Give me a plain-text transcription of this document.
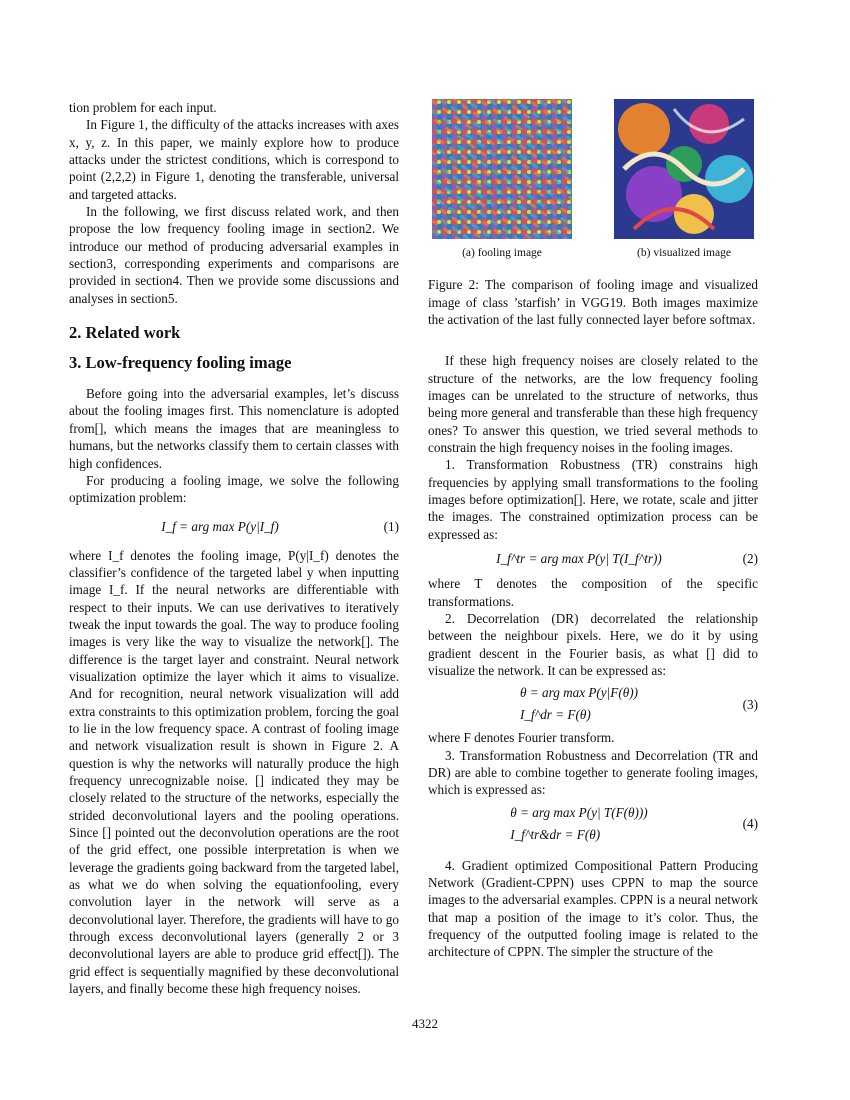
tion problem for each input.

In Figure 1, the difficulty of the attacks increases with axes x, y, z. In this paper, we mainly explore how to produce attacks under the strictest conditions, which is correspond to point (2,2,2) in Figure 1, denoting the transferable, universal and targeted attacks.

In the following, we first discuss related work, and then propose the low frequency fooling image in section2. We introduce our method of producing adversarial examples in section3, corresponding experiments and comparisons are provided in section4. Then we provide some discussions and analyses in section5.

2. Related work
3. Low-frequency fooling image

Before going into the adversarial examples, let’s discuss about the fooling images first. This nomenclature is adopted from[], which means the images that are meaningless to humans, but the networks classify them to certain classes with high confidences.

For producing a fooling image, we solve the following optimization problem:

I_f = arg max P(y|I_f)	(1)

where I_f denotes the fooling image, P(y|I_f) denotes the classifier’s confidence of the targeted label y when inputting image I_f. If the neural networks are differentiable with respect to their inputs. We can use derivatives to iteratively tweak the input towards the goal. The way to produce fooling images is very like the way to visualize the network[]. The difference is the target layer and constraint. Neural network visualization optimize the layer which it aims to visualize. And for recognition, neural network visualization will add extra constraints to this optimization problem, forcing the goal to lie in the low frequency space. A contrast of fooling image and network visualization result is shown in Figure 2. A question is why the networks will naturally produce the high frequency unrecognizable noise. [] indicated they may be closely related to the structure of the networks, especially the strided deconvolutional layers and the pooling operations. Since [] pointed out the deconvolution operations are the root of the grid effect, one possible interpretation is when we leverage the gradients going backward from the targeted label, as what we do when solving the equationfooling, every convolution layer in the network will serve as a deconvolutional layer. Therefore, the gradients will have to go through excess deconvolutional layers (generally 2 or 3 deconvolutional layers are able to produce grid effect[]). The grid effect is sequentially magnified by these deconvolutional layers, and finally become these high frequency noises.

(a) fooling image	(b) visualized image

Figure 2: The comparison of fooling image and visualized image of class ’starfish’ in VGG19. Both images maximize the activation of the last fully connected layer before softmax.

If these high frequency noises are closely related to the structure of the networks, are the low frequency fooling images can be unrelated to the structure of networks, thus being more general and transferable than these high frequency ones? To answer this question, we tried several methods to constrain the high frequency noises in the fooling images.

1. Transformation Robustness (TR) constrains high frequencies by applying small transformations to the fooling images before optimization[]. Here, we rotate, scale and jitter the images. The constrained optimization process can be expressed as:

I_f^tr = arg max P(y| T(I_f^tr))	(2)

where T denotes the composition of the specific transformations.

2. Decorrelation (DR) decorrelated the relationship between the neighbour pixels. Here, we do it by using gradient descent in the Fourier basis, as what [] did to visualize the network. It can be expressed as:

θ = arg max P(y|F(θ))
I_f^dr = F(θ)
(3)

where F denotes Fourier transform.

3. Transformation Robustness and Decorrelation (TR and DR) are able to combine together to generate fooling images, which is expressed as:

θ = arg max P(y| T(F(θ)))
I_f^tr&dr = F(θ)
(4)

4. Gradient optimized Compositional Pattern Producing Network (Gradient-CPPN) uses CPPN to map the source images to the adversarial examples. CPPN is a neural network that map a position of the image to it’s color. Thus, the frequency of the outputted fooling image is related to the architecture of CPPN. The simpler the structure of the

4322
